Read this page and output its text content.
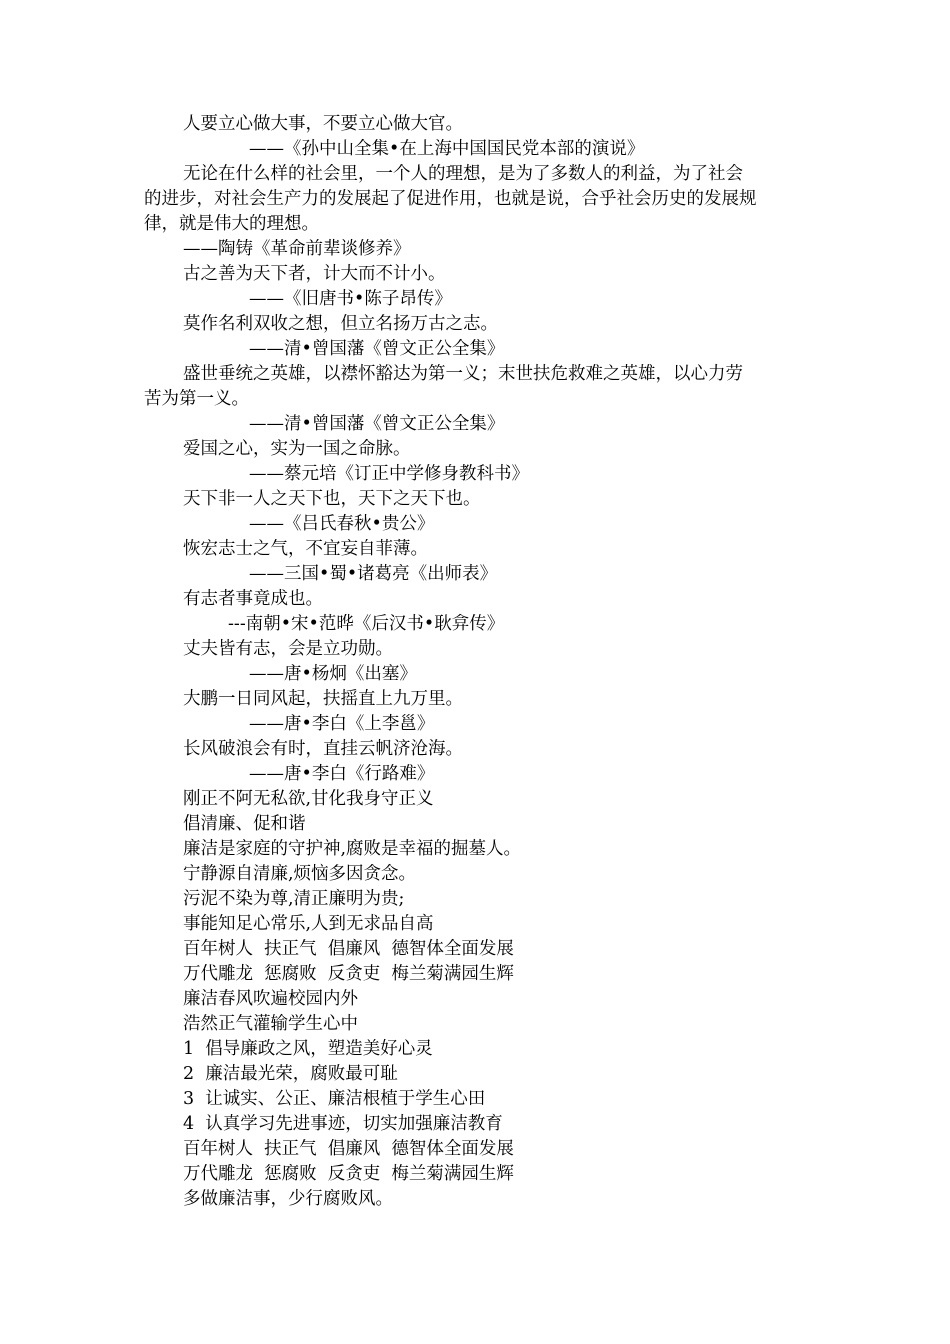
人要立心做大事，不要立心做大官。
——《孙中山全集•在上海中国国民党本部的演说》
无论在什么样的社会里，一个人的理想，是为了多数人的利益，为了社会的进步，对社会生产力的发展起了促进作用，也就是说，合乎社会历史的发展规律，就是伟大的理想。
——陶铸《革命前辈谈修养》
古之善为天下者，计大而不计小。
——《旧唐书•陈子昂传》
莫作名利双收之想，但立名扬万古之志。
——清•曾国藩《曾文正公全集》
盛世垂统之英雄，以襟怀豁达为第一义；末世扶危救难之英雄，以心力劳苦为第一义。
——清•曾国藩《曾文正公全集》
爱国之心，实为一国之命脉。
——蔡元培《订正中学修身教科书》
天下非一人之天下也，天下之天下也。
——《吕氏春秋•贵公》
恢宏志士之气，不宜妄自菲薄。
——三国•蜀•诸葛亮《出师表》
有志者事竟成也。
---南朝•宋•范晔《后汉书•耿弇传》
丈夫皆有志，会是立功勋。
——唐•杨炯《出塞》
大鹏一日同风起，扶摇直上九万里。
——唐•李白《上李邕》
长风破浪会有时，直挂云帆济沧海。
——唐•李白《行路难》
刚正不阿无私欲,甘化我身守正义
倡清廉、促和谐
廉洁是家庭的守护神,腐败是幸福的掘墓人。
宁静源自清廉,烦恼多因贪念。
污泥不染为尊,清正廉明为贵;
事能知足心常乐,人到无求品自高
百年树人  扶正气  倡廉风  德智体全面发展
万代雕龙  惩腐败  反贪吏  梅兰菊满园生辉
廉洁春风吹遍校园内外
浩然正气灌输学生心中
1  倡导廉政之风，塑造美好心灵
2  廉洁最光荣，腐败最可耻
3  让诚实、公正、廉洁根植于学生心田
4  认真学习先进事迹，切实加强廉洁教育
百年树人  扶正气  倡廉风  德智体全面发展
万代雕龙  惩腐败  反贪吏  梅兰菊满园生辉
多做廉洁事，少行腐败风。
